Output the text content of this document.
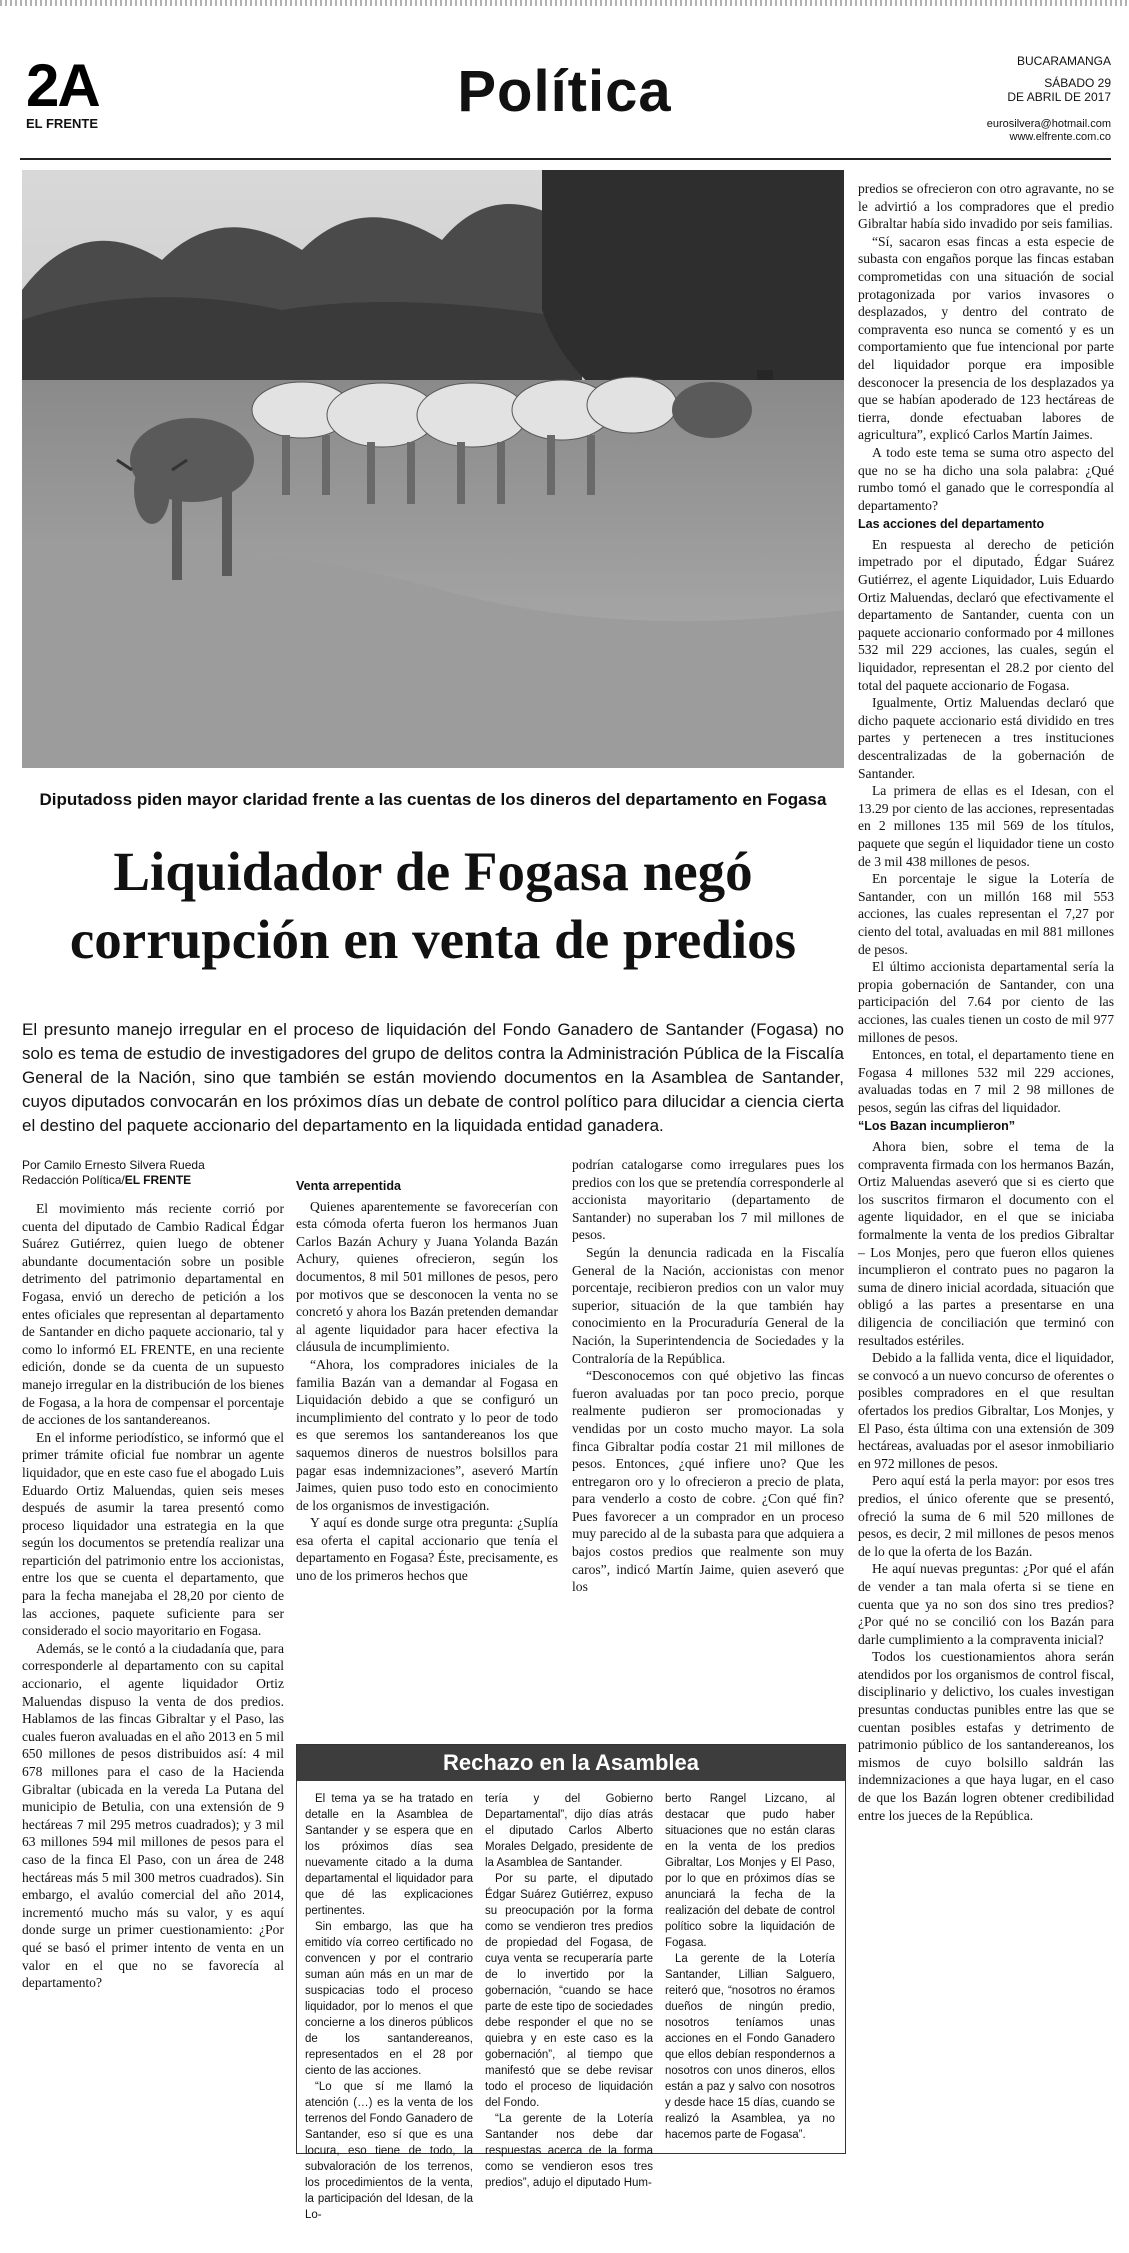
2A
EL FRENTE	Política	BUCARAMANGA
SÁBADO 29
DE ABRIL DE 2017
eurosilvera@hotmail.com
www.elfrente.com.co
Diputadoss piden mayor claridad frente a las cuentas de los dineros del departamento en Fogasa
Liquidador de Fogasa negó corrupción en venta de predios
El presunto manejo irregular en el proceso de liquidación del Fondo Ganadero de Santander (Fogasa) no solo es tema de estudio de investigadores del grupo de delitos contra la Administración Pública de la Fiscalía General de la Nación, sino que también se están moviendo documentos en la Asamblea de Santander, cuyos diputados convocarán en los próximos días un debate de control político para dilucidar a ciencia cierta el destino del paquete accionario del departamento en la liquidada entidad ganadera.
Por Camilo Ernesto Silvera Rueda
Redacción Política/EL FRENTE

El movimiento más reciente corrió por cuenta del diputado de Cambio Radical Édgar Suárez Gutiérrez, quien luego de obtener abundante documentación sobre un posible detrimento del patrimonio departamental en Fogasa, envió un derecho de petición a los entes oficiales que representan al departamento de Santander en dicho paquete accionario, tal y como lo informó EL FRENTE, en una reciente edición, donde se da cuenta de un supuesto manejo irregular en la distribución de los bienes de Fogasa, a la hora de compensar el porcentaje de acciones de los santandereanos.

En el informe periodístico, se informó que el primer trámite oficial fue nombrar un agente liquidador, que en este caso fue el abogado Luis Eduardo Ortiz Maluendas, quien seis meses después de asumir la tarea presentó como proceso liquidador una estrategia en la que según los documentos se pretendía realizar una repartición del patrimonio entre los accionistas, entre los que se cuenta el departamento, que para la fecha manejaba el 28,20 por ciento de las acciones, paquete suficiente para ser considerado el socio mayoritario en Fogasa.

Además, se le contó a la ciudadanía que, para corresponderle al departamento con su capital accionario, el agente liquidador Ortiz Maluendas dispuso la venta de dos predios. Hablamos de las fincas Gibraltar y el Paso, las cuales fueron avaluadas en el año 2013 en 5 mil 650 millones de pesos distribuidos así: 4 mil 678 millones para el caso de la Hacienda Gibraltar (ubicada en la vereda La Putana del municipio de Betulia, con una extensión de 9 hectáreas 7 mil 295 metros cuadrados); y 3 mil 63 millones 594 mil millones de pesos para el caso de la finca El Paso, con un área de 248 hectáreas más 5 mil 300 metros cuadrados). Sin embargo, el avalúo comercial del año 2014, incrementó mucho más su valor, y es aquí donde surge un primer cuestionamiento: ¿Por qué se basó el primer intento de venta en un valor en el que no se favorecía al departamento?

Venta arrepentida

Quienes aparentemente se favorecerían con esta cómoda oferta fueron los hermanos Juan Carlos Bazán Achury y Juana Yolanda Bazán Achury, quienes ofrecieron, según los documentos, 8 mil 501 millones de pesos, pero por motivos que se desconocen la venta no se concretó y ahora los Bazán pretenden demandar al agente liquidador para hacer efectiva la cláusula de incumplimiento.

“Ahora, los compradores iniciales de la familia Bazán van a demandar al Fogasa en Liquidación debido a que se configuró un incumplimiento del contrato y lo peor de todo es que seremos los santandereanos los que saquemos dineros de nuestros bolsillos para pagar esas indemnizaciones”, aseveró Martín Jaimes, quien puso todo esto en conocimiento de los organismos de investigación.

Y aquí es donde surge otra pregunta: ¿Suplía esa oferta el capital accionario que tenía el departamento en Fogasa? Éste, precisamente, es uno de los primeros hechos que

podrían catalogarse como irregulares pues los predios con los que se pretendía corresponderle al accionista mayoritario (departamento de Santander) no superaban los 7 mil millones de pesos.

Según la denuncia radicada en la Fiscalía General de la Nación, accionistas con menor porcentaje, recibieron predios con un valor muy superior, situación de la que también hay conocimiento en la Procuraduría General de la Nación, la Superintendencia de Sociedades y la Contraloría de la República.

“Desconocemos con qué objetivo las fincas fueron avaluadas por tan poco precio, porque realmente pudieron ser promocionadas y vendidas por un costo mucho mayor. La sola finca Gibraltar podía costar 21 mil millones de pesos. Entonces, ¿qué infiere uno? Que les entregaron oro y lo ofrecieron a precio de plata, para venderlo a costo de cobre. ¿Con qué fin? Pues favorecer a un comprador en un proceso muy parecido al de la subasta para que adquiera a bajos costos predios que realmente son muy caros”, indicó Martín Jaime, quien aseveró que los

predios se ofrecieron con otro agravante, no se le advirtió a los compradores que el predio Gibraltar había sido invadido por seis familias.

“Sí, sacaron esas fincas a esta especie de subasta con engaños porque las fincas estaban comprometidas con una situación de social protagonizada por varios invasores o desplazados, y dentro del contrato de compraventa eso nunca se comentó y es un comportamiento que fue intencional por parte del liquidador porque era imposible desconocer la presencia de los desplazados ya que se habían apoderado de 123 hectáreas de tierra, donde efectuaban labores de agricultura”, explicó Carlos Martín Jaimes.

A todo este tema se suma otro aspecto del que no se ha dicho una sola palabra: ¿Qué rumbo tomó el ganado que le correspondía al departamento?

Las acciones del departamento

En respuesta al derecho de petición impetrado por el diputado, Édgar Suárez Gutiérrez, el agente Liquidador, Luis Eduardo Ortiz Maluendas, declaró que efectivamente el departamento de Santander, cuenta con un paquete accionario conformado por 4 millones 532 mil 229 acciones, las cuales, según el liquidador, representan el 28.2 por ciento del total del paquete accionario de Fogasa.

Igualmente, Ortiz Maluendas declaró que dicho paquete accionario está dividido en tres partes y pertenecen a tres instituciones descentralizadas de la gobernación de Santander.

La primera de ellas es el Idesan, con el 13.29 por ciento de las acciones, representadas en 2 millones 135 mil 569 de los títulos, paquete que según el liquidador tiene un costo de 3 mil 438 millones de pesos.

En porcentaje le sigue la Lotería de Santander, con un millón 168 mil 553 acciones, las cuales representan el 7,27 por ciento del total, avaluadas en mil 881 millones de pesos.

El último accionista departamental sería la propia gobernación de Santander, con una participación del 7.64 por ciento de las acciones, las cuales tienen un costo de mil 977 millones de pesos.

Entonces, en total, el departamento tiene en Fogasa 4 millones 532 mil 229 acciones, avaluadas todas en 7 mil 2 98 millones de pesos, según las cifras del liquidador.

“Los Bazan incumplieron”

Ahora bien, sobre el tema de la compraventa firmada con los hermanos Bazán, Ortiz Maluendas aseveró que si es cierto que los suscritos firmaron el documento con el agente liquidador, en el que se iniciaba formalmente la venta de los predios Gibraltar – Los Monjes, pero que fueron ellos quienes incumplieron el contrato pues no pagaron la suma de dinero inicial acordada, situación que obligó a las partes a presentarse en una diligencia de conciliación que terminó con resultados estériles.

Debido a la fallida venta, dice el liquidador, se convocó a un nuevo concurso de oferentes o posibles compradores en el que resultan ofertados los predios Gibraltar, Los Monjes, y El Paso, ésta última con una extensión de 309 hectáreas, avaluadas por el asesor inmobiliario en 972 millones de pesos.

Pero aquí está la perla mayor: por esos tres predios, el único oferente que se presentó, ofreció la suma de 6 mil 520 millones de pesos, es decir, 2 mil millones de pesos menos de lo que la oferta de los Bazán.

He aquí nuevas preguntas: ¿Por qué el afán de vender a tan mala oferta si se tiene en cuenta que ya no son dos sino tres predios? ¿Por qué no se concilió con los Bazán para darle cumplimiento a la compraventa inicial?

Todos los cuestionamientos ahora serán atendidos por los organismos de control fiscal, disciplinario y delictivo, los cuales investigan presuntas conductas punibles entre las que se cuentan posibles estafas y detrimento de patrimonio público de los santandereanos, los mismos de cuyo bolsillo saldrán las indemnizaciones a que haya lugar, en el caso de que los Bazán logren obtener credibilidad entre los jueces de la República.

Rechazo en la Asamblea

El tema ya se ha tratado en detalle en la Asamblea de Santander y se espera que en los próximos días sea nuevamente citado a la duma departamental el liquidador para que dé las explicaciones pertinentes.

Sin embargo, las que ha emitido vía correo certificado no convencen y por el contrario suman aún más en un mar de suspicacias todo el proceso liquidador, por lo menos el que concierne a los dineros públicos de los santandereanos, representados en el 28 por ciento de las acciones.

“Lo que sí me llamó la atención (…) es la venta de los terrenos del Fondo Ganadero de Santander, eso sí que es una locura, eso tiene de todo, la subvaloración de los terrenos, los procedimientos de la venta, la participación del Idesan, de la Lo-

tería y del Gobierno Departamental”, dijo días atrás el diputado Carlos Alberto Morales Delgado, presidente de la Asamblea de Santander.

Por su parte, el diputado Édgar Suárez Gutiérrez, expuso su preocupación por la forma como se vendieron tres predios de propiedad del Fogasa, de cuya venta se recuperaría parte de lo invertido por la gobernación, “cuando se hace parte de este tipo de sociedades debe responder el que no se quiebra y en este caso es la gobernación”, al tiempo que manifestó que se debe revisar todo el proceso de liquidación del Fondo.

“La gerente de la Lotería Santander nos debe dar respuestas acerca de la forma como se vendieron esos tres predios”, adujo el diputado Hum-

berto Rangel Lizcano, al destacar que pudo haber situaciones que no están claras en la venta de los predios Gibraltar, Los Monjes y El Paso, por lo que en próximos días se anunciará la fecha de la realización del debate de control político sobre la liquidación de Fogasa.

La gerente de la Lotería Santander, Lillian Salguero, reiteró que, “nosotros no éramos dueños de ningún predio, nosotros teníamos unas acciones en el Fondo Ganadero que ellos debían respondernos a nosotros con unos dineros, ellos están a paz y salvo con nosotros y desde hace 15 días, cuando se realizó la Asamblea, ya no hacemos parte de Fogasa”.
